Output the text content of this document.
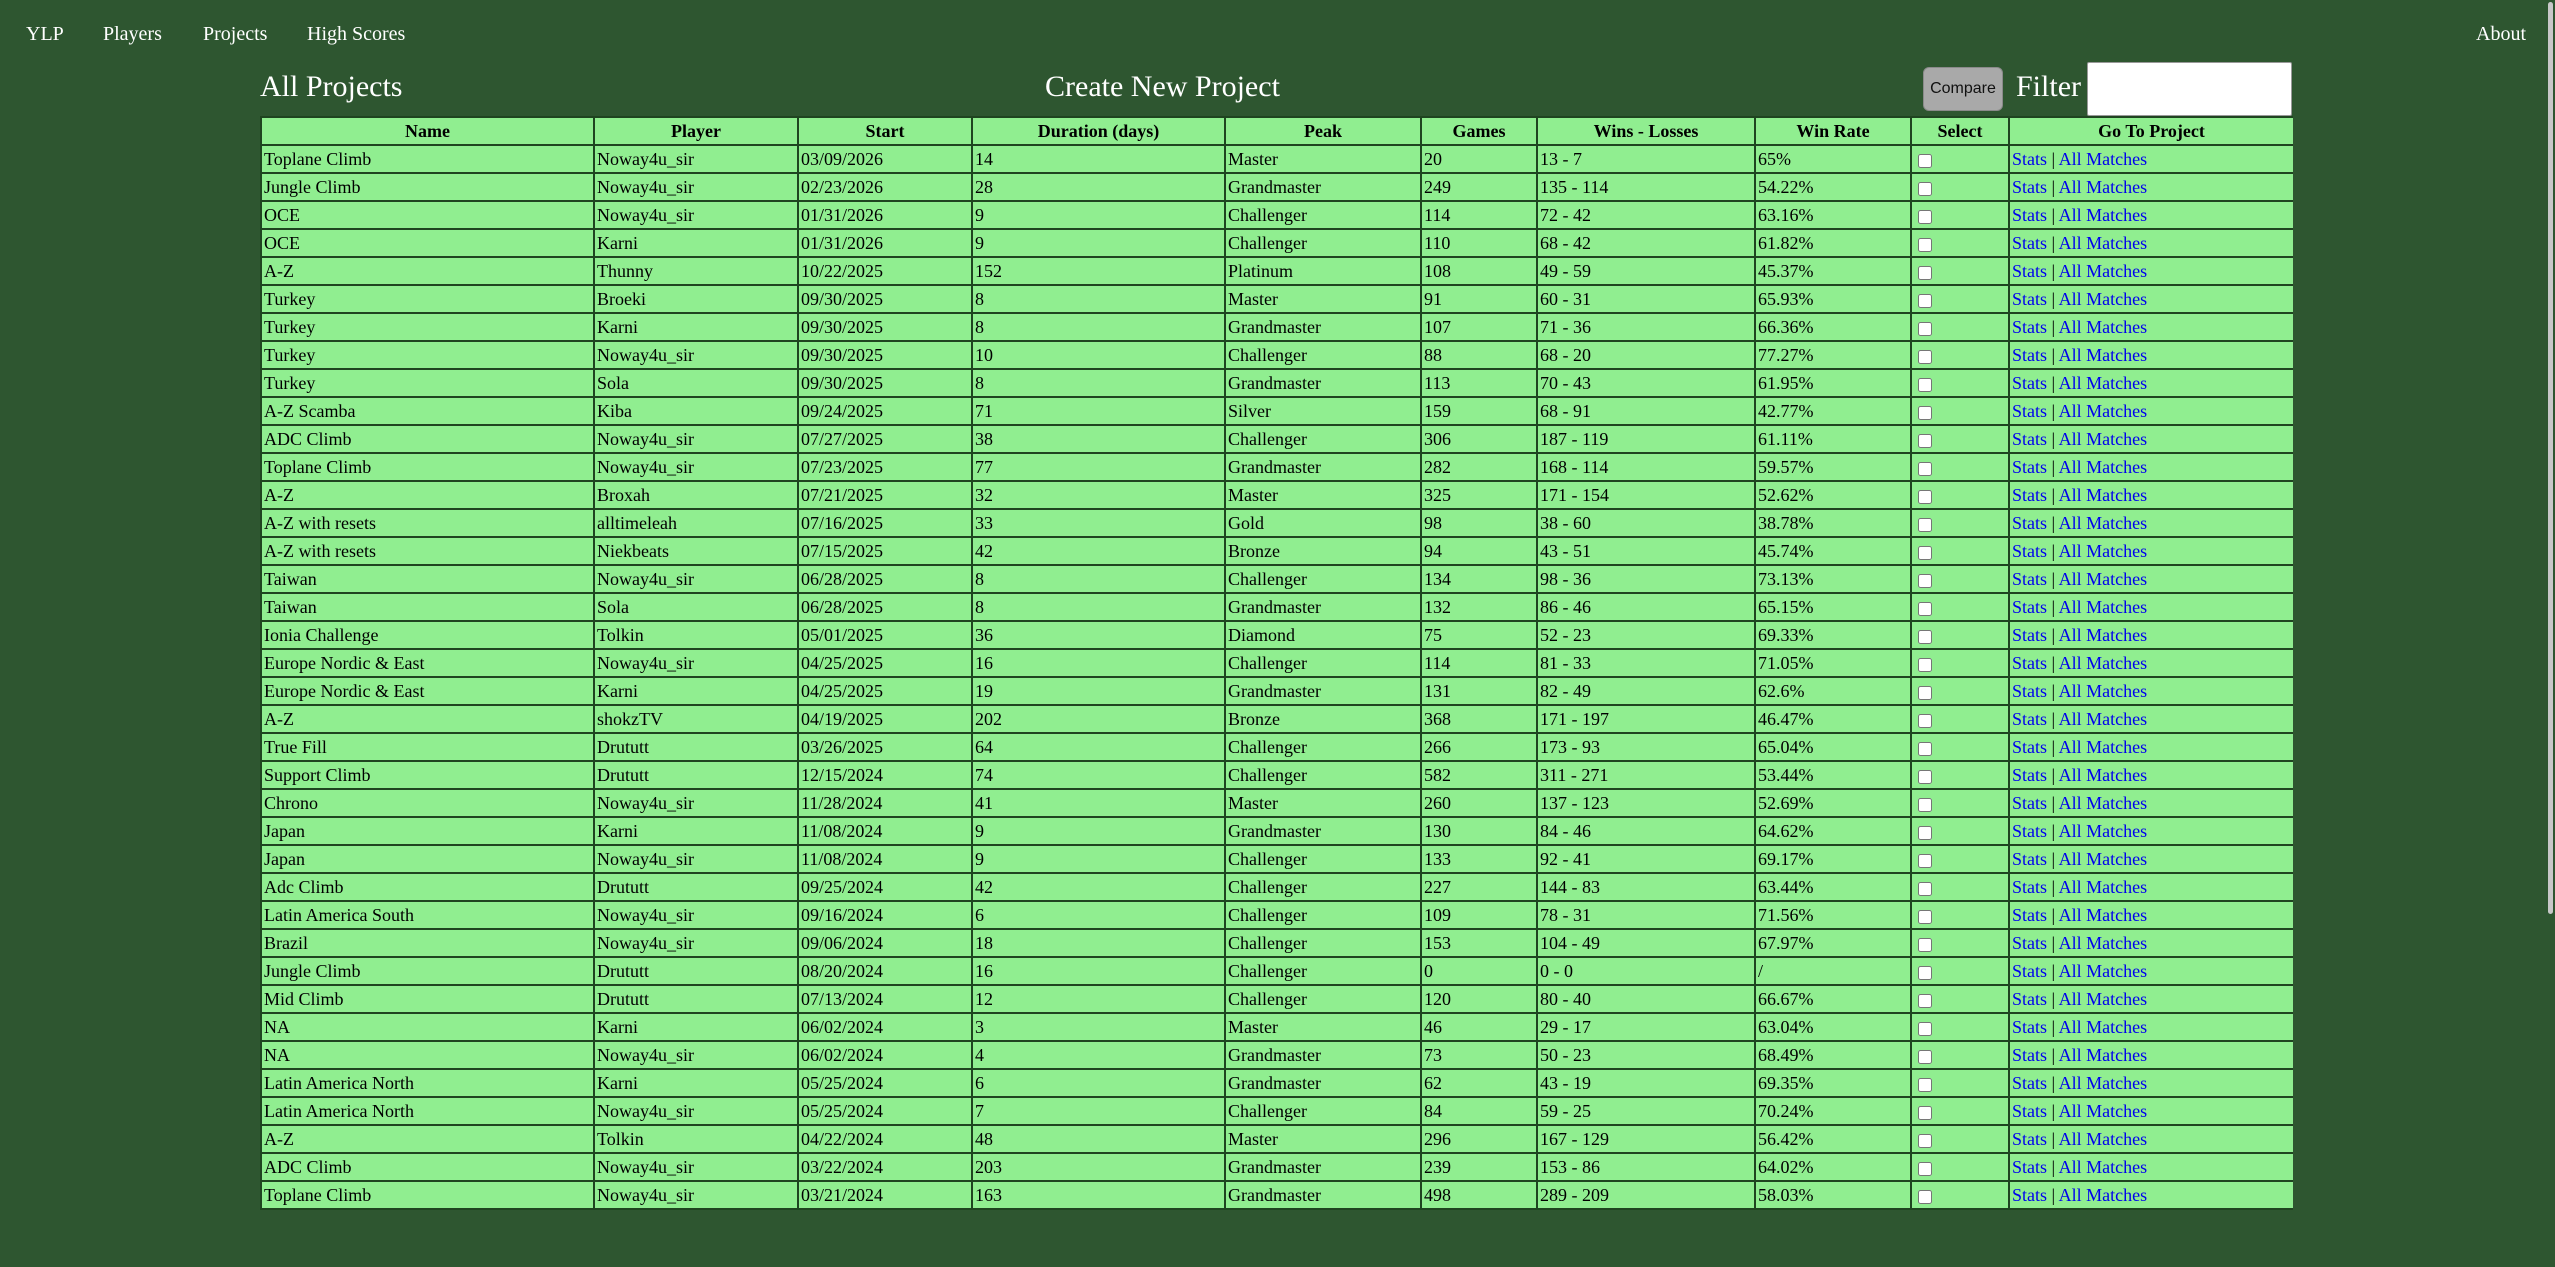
YLP Players Projects High Scores	About
All Projects	Create New Project	Compare Filter
Name	Player	Start	Duration (days)	Peak	Games	Wins - Losses	Win Rate	Select	Go To Project
Toplane Climb	Noway4u_sir	03/09/2026	14	Master	20	13 - 7	65%		Stats | All Matches
Jungle Climb	Noway4u_sir	02/23/2026	28	Grandmaster	249	135 - 114	54.22%		Stats | All Matches
OCE	Noway4u_sir	01/31/2026	9	Challenger	114	72 - 42	63.16%		Stats | All Matches
OCE	Karni	01/31/2026	9	Challenger	110	68 - 42	61.82%		Stats | All Matches
A-Z	Thunny	10/22/2025	152	Platinum	108	49 - 59	45.37%		Stats | All Matches
Turkey	Broeki	09/30/2025	8	Master	91	60 - 31	65.93%		Stats | All Matches
Turkey	Karni	09/30/2025	8	Grandmaster	107	71 - 36	66.36%		Stats | All Matches
Turkey	Noway4u_sir	09/30/2025	10	Challenger	88	68 - 20	77.27%		Stats | All Matches
Turkey	Sola	09/30/2025	8	Grandmaster	113	70 - 43	61.95%		Stats | All Matches
A-Z Scamba	Kiba	09/24/2025	71	Silver	159	68 - 91	42.77%		Stats | All Matches
ADC Climb	Noway4u_sir	07/27/2025	38	Challenger	306	187 - 119	61.11%		Stats | All Matches
Toplane Climb	Noway4u_sir	07/23/2025	77	Grandmaster	282	168 - 114	59.57%		Stats | All Matches
A-Z	Broxah	07/21/2025	32	Master	325	171 - 154	52.62%		Stats | All Matches
A-Z with resets	alltimeleah	07/16/2025	33	Gold	98	38 - 60	38.78%		Stats | All Matches
A-Z with resets	Niekbeats	07/15/2025	42	Bronze	94	43 - 51	45.74%		Stats | All Matches
Taiwan	Noway4u_sir	06/28/2025	8	Challenger	134	98 - 36	73.13%		Stats | All Matches
Taiwan	Sola	06/28/2025	8	Grandmaster	132	86 - 46	65.15%		Stats | All Matches
Ionia Challenge	Tolkin	05/01/2025	36	Diamond	75	52 - 23	69.33%		Stats | All Matches
Europe Nordic & East	Noway4u_sir	04/25/2025	16	Challenger	114	81 - 33	71.05%		Stats | All Matches
Europe Nordic & East	Karni	04/25/2025	19	Grandmaster	131	82 - 49	62.6%		Stats | All Matches
A-Z	shokzTV	04/19/2025	202	Bronze	368	171 - 197	46.47%		Stats | All Matches
True Fill	Drututt	03/26/2025	64	Challenger	266	173 - 93	65.04%		Stats | All Matches
Support Climb	Drututt	12/15/2024	74	Challenger	582	311 - 271	53.44%		Stats | All Matches
Chrono	Noway4u_sir	11/28/2024	41	Master	260	137 - 123	52.69%		Stats | All Matches
Japan	Karni	11/08/2024	9	Grandmaster	130	84 - 46	64.62%		Stats | All Matches
Japan	Noway4u_sir	11/08/2024	9	Challenger	133	92 - 41	69.17%		Stats | All Matches
Adc Climb	Drututt	09/25/2024	42	Challenger	227	144 - 83	63.44%		Stats | All Matches
Latin America South	Noway4u_sir	09/16/2024	6	Challenger	109	78 - 31	71.56%		Stats | All Matches
Brazil	Noway4u_sir	09/06/2024	18	Challenger	153	104 - 49	67.97%		Stats | All Matches
Jungle Climb	Drututt	08/20/2024	16	Challenger	0	0 - 0	/		Stats | All Matches
Mid Climb	Drututt	07/13/2024	12	Challenger	120	80 - 40	66.67%		Stats | All Matches
NA	Karni	06/02/2024	3	Master	46	29 - 17	63.04%		Stats | All Matches
NA	Noway4u_sir	06/02/2024	4	Grandmaster	73	50 - 23	68.49%		Stats | All Matches
Latin America North	Karni	05/25/2024	6	Grandmaster	62	43 - 19	69.35%		Stats | All Matches
Latin America North	Noway4u_sir	05/25/2024	7	Challenger	84	59 - 25	70.24%		Stats | All Matches
A-Z	Tolkin	04/22/2024	48	Master	296	167 - 129	56.42%		Stats | All Matches
ADC Climb	Noway4u_sir	03/22/2024	203	Grandmaster	239	153 - 86	64.02%		Stats | All Matches
Toplane Climb	Noway4u_sir	03/21/2024	163	Grandmaster	498	289 - 209	58.03%		Stats | All Matches
